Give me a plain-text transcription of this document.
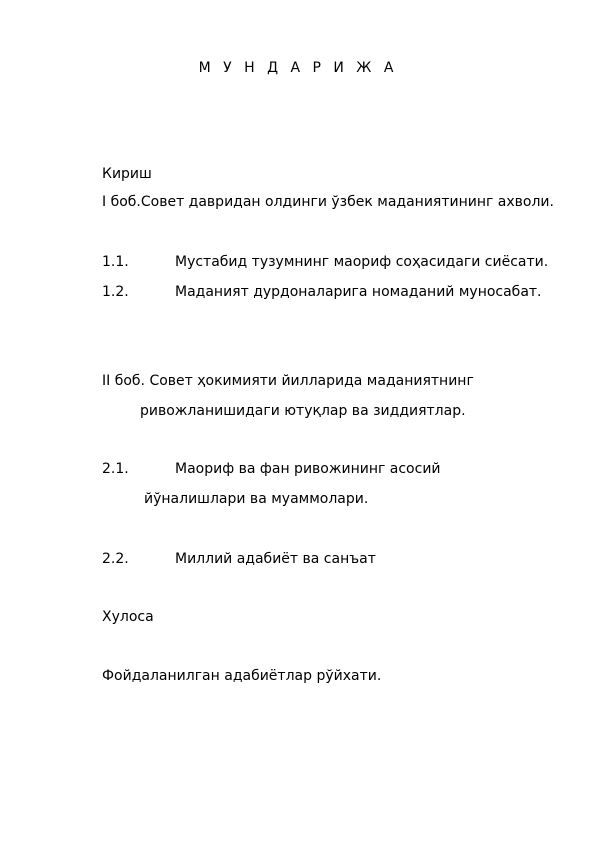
М У Н Д А Р И Ж А
Кириш
I боб.Совет давридан олдинги ўзбек маданиятининг ахволи.
1.1.	Мустабид тузумнинг маориф соҳасидаги сиёсати.
1.2.	Маданият дурдоналарига номаданий муносабат.
II боб. Совет ҳокимияти йилларида маданиятнинг
ривожланишидаги ютуқлар ва зиддиятлар.
2.1.	Маориф ва фан ривожининг асосий
йўналишлари ва муаммолари.
2.2.	Миллий адабиёт ва санъат
Хулоса
Фойдаланилган адабиётлар рўйхати.
